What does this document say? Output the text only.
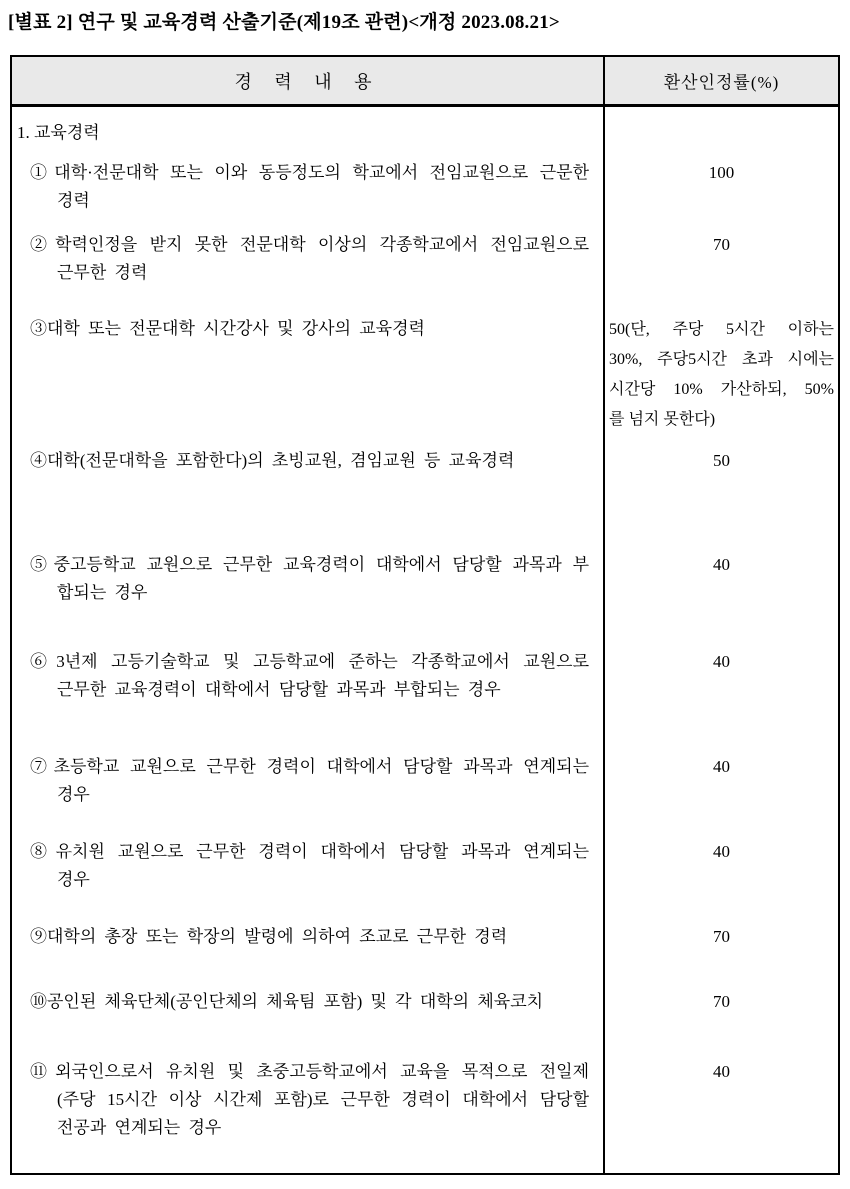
[별표 2] 연구 및 교육경력 산출기준(제19조 관련)<개정 2023.08.21>
경 력 내 용	환산인정률(%)
1. 교육경력
①대학·전문대학 또는 이와 동등정도의 학교에서 전임교원으로 근문한
경력
100
②학력인정을 받지 못한 전문대학 이상의 각종학교에서 전임교원으로
근무한 경력
70
③대학 또는 전문대학 시간강사 및 강사의 교육경력	50(단, 주당 5시간 이하는
30%, 주당5시간 초과 시에는
시간당 10% 가산하되, 50%
를 넘지 못한다)
④대학(전문대학을 포함한다)의 초빙교원, 겸임교원 등 교육경력	50
⑤중고등학교 교원으로 근무한 교육경력이 대학에서 담당할 과목과 부
합되는 경우
40
⑥3년제 고등기술학교 및 고등학교에 준하는 각종학교에서 교원으로
근무한 교육경력이 대학에서 담당할 과목과 부합되는 경우
40
⑦초등학교 교원으로 근무한 경력이 대학에서 담당할 과목과 연계되는
경우
40
⑧유치원 교원으로 근무한 경력이 대학에서 담당할 과목과 연계되는
경우
40
⑨대학의 총장 또는 학장의 발령에 의하여 조교로 근무한 경력	70
⑩공인된 체육단체(공인단체의 체육팀 포함) 및 각 대학의 체육코치	70
⑪외국인으로서 유치원 및 초중고등학교에서 교육을 목적으로 전일제
(주당 15시간 이상 시간제 포함)로 근무한 경력이 대학에서 담당할
전공과 연계되는 경우
40
